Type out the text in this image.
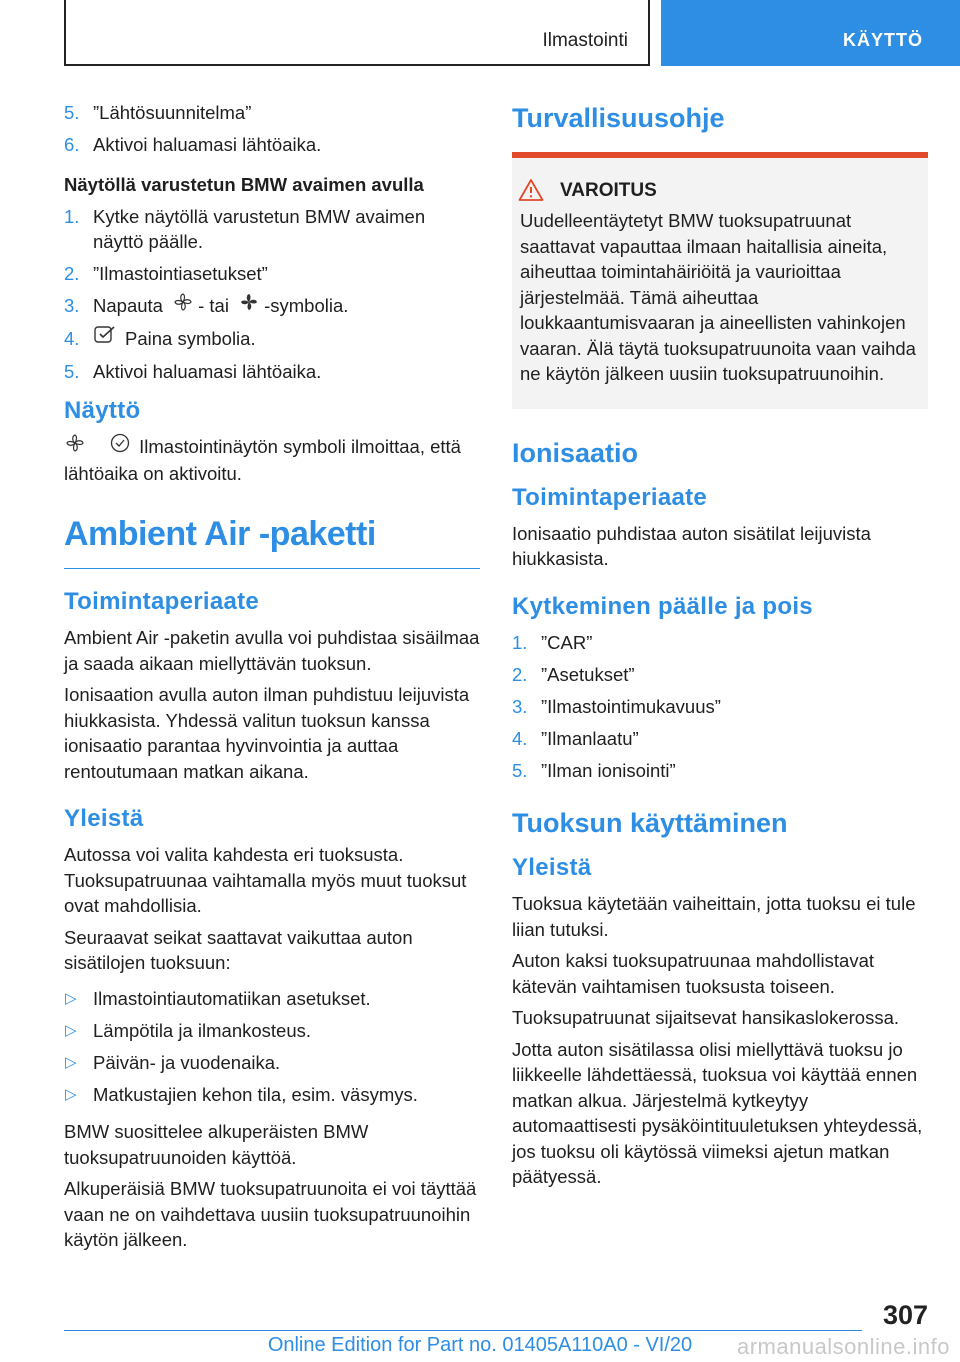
Ilmastointi	KÄYTTÖ
5. ”Lähtösuunnitelma”
6. Aktivoi haluamasi lähtöaika.
Näytöllä varustetun BMW avaimen avulla
1. Kytke näytöllä varustetun BMW avaimen näyttö päälle.
2. ”Ilmastointiasetukset”
3. Napauta - tai -symbolia.
4. Paina symbolia.
5. Aktivoi haluamasi lähtöaika.
Näyttö

Ilmastointinäytön symboli ilmoittaa, että lähtöaika on aktivoitu.

Ambient Air -paketti
Toimintaperiaate

Ambient Air -paketin avulla voi puhdistaa sisäilmaa ja saada aikaan miellyttävän tuoksun.

Ionisaation avulla auton ilman puhdistuu leijuvista hiukkasista. Yhdessä valitun tuoksun kanssa ionisaatio parantaa hyvinvointia ja auttaa rentoutumaan matkan aikana.

Yleistä

Autossa voi valita kahdesta eri tuoksusta. Tuoksupatruunaa vaihtamalla myös muut tuoksut ovat mahdollisia.

Seuraavat seikat saattavat vaikuttaa auton sisätilojen tuoksuun:

▷ Ilmastointiautomatiikan asetukset.
▷ Lämpötila ja ilmankosteus.
▷ Päivän- ja vuodenaika.
▷ Matkustajien kehon tila, esim. väsymys.

BMW suosittelee alkuperäisten BMW tuoksupatruunoiden käyttöä.

Alkuperäisiä BMW tuoksupatruunoita ei voi täyttää vaan ne on vaihdettava uusiin tuoksupatruunoihin käytön jälkeen.

Turvallisuusohje
VAROITUS

Uudelleentäytetyt BMW tuoksupatruunat saattavat vapauttaa ilmaan haitallisia aineita, aiheuttaa toimintahäiriöitä ja vaurioittaa järjestelmää. Tämä aiheuttaa loukkaantumisvaaran ja aineellisten vahinkojen vaaran. Älä täytä tuoksupatruunoita vaan vaihda ne käytön jälkeen uusiin tuoksupatruunoihin.

Ionisaatio
Toimintaperiaate

Ionisaatio puhdistaa auton sisätilat leijuvista hiukkasista.

Kytkeminen päälle ja pois
1. ”CAR”
2. ”Asetukset”
3. ”Ilmastointimukavuus”
4. ”Ilmanlaatu”
5. ”Ilman ionisointi”
Tuoksun käyttäminen
Yleistä

Tuoksua käytetään vaiheittain, jotta tuoksu ei tule liian tutuksi.

Auton kaksi tuoksupatruunaa mahdollistavat kätevän vaihtamisen tuoksusta toiseen.

Tuoksupatruunat sijaitsevat hansikaslokerossa.

Jotta auton sisätilassa olisi miellyttävä tuoksu jo liikkeelle lähdettäessä, tuoksua voi käyttää ennen matkan alkua. Järjestelmä kytkeytyy automaattisesti pysäköintituuletuksen yhteydessä, jos tuoksu oli käytössä viimeksi ajetun matkan päätyessä.

307
Online Edition for Part no. 01405A110A0 - VI/20	armanualsonline.info
